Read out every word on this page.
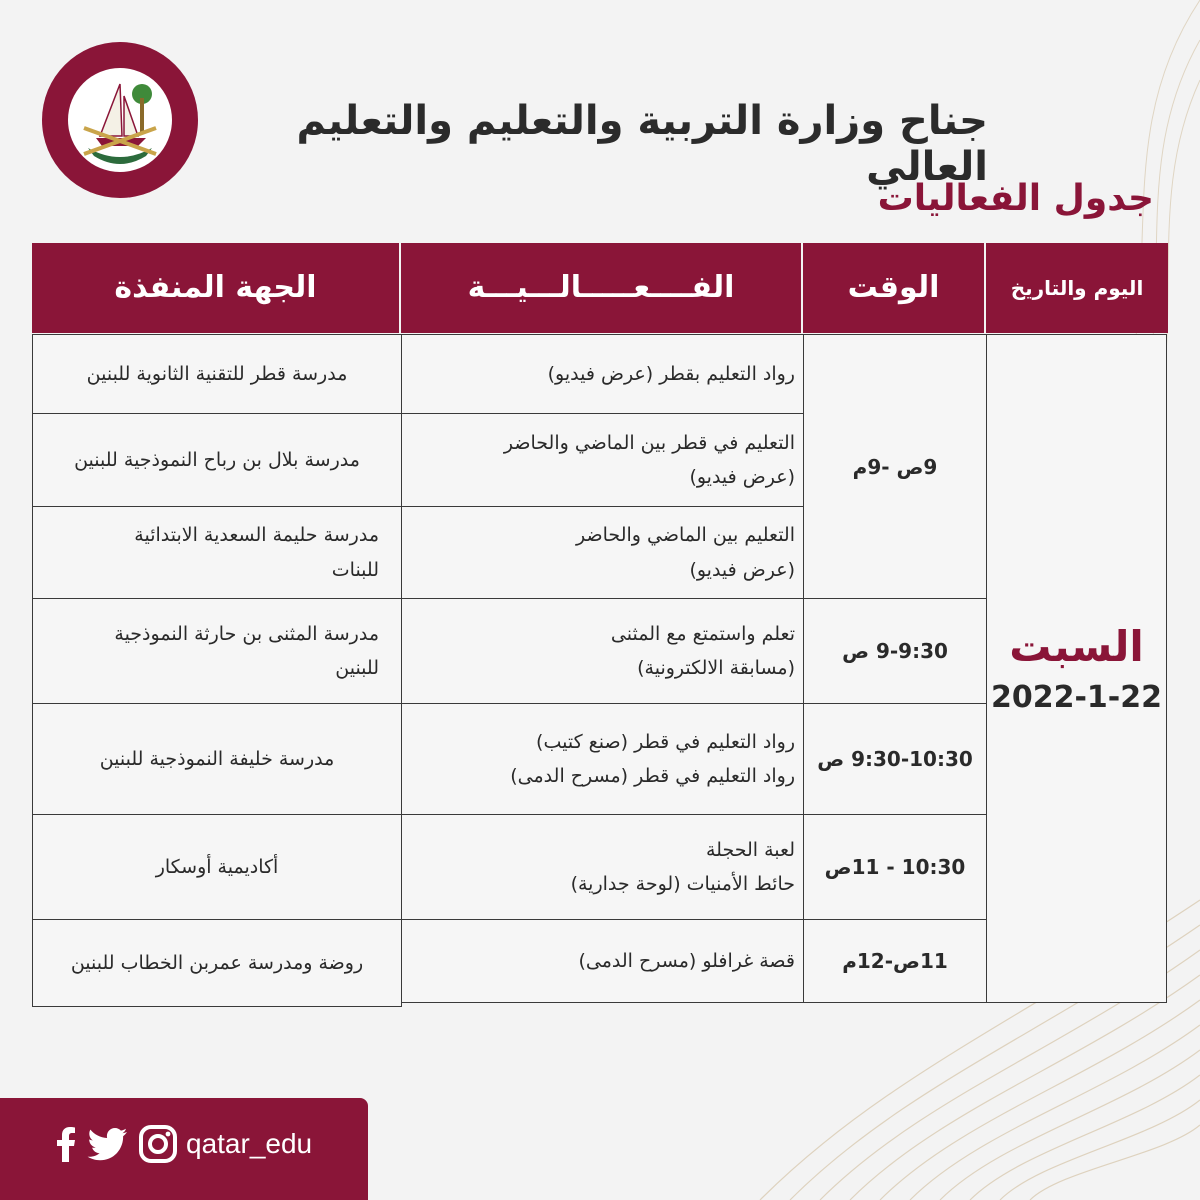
جناح وزارة التربية والتعليم والتعليم العالي
جدول الفعاليات
اليوم والتاريخ
الوقت
الفــــعـــــالـــيـــة
الجهة المنفذة
السبت
2022-1-22
9ص -9م
9-9:30 ص
9:30-10:30 ص
10:30 - 11ص
11ص-12م
رواد التعليم بقطر (عرض فيديو)
التعليم في قطر بين الماضي والحاضر
(عرض فيديو)
التعليم بين الماضي والحاضر
(عرض فيديو)
تعلم واستمتع مع المثنى
(مسابقة الالكترونية)
رواد التعليم في قطر (صنع كتيب)
رواد التعليم في قطر (مسرح الدمى)
لعبة الحجلة
حائط الأمنيات (لوحة جدارية)
قصة غرافلو (مسرح الدمى)
مدرسة قطر للتقنية الثانوية للبنين
مدرسة بلال بن رباح النموذجية للبنين
مدرسة حليمة السعدية الابتدائية
للبنات
مدرسة المثنى بن حارثة النموذجية
للبنين
مدرسة خليفة النموذجية للبنين
أكاديمية أوسكار
روضة ومدرسة عمربن الخطاب للبنين
qatar_edu
